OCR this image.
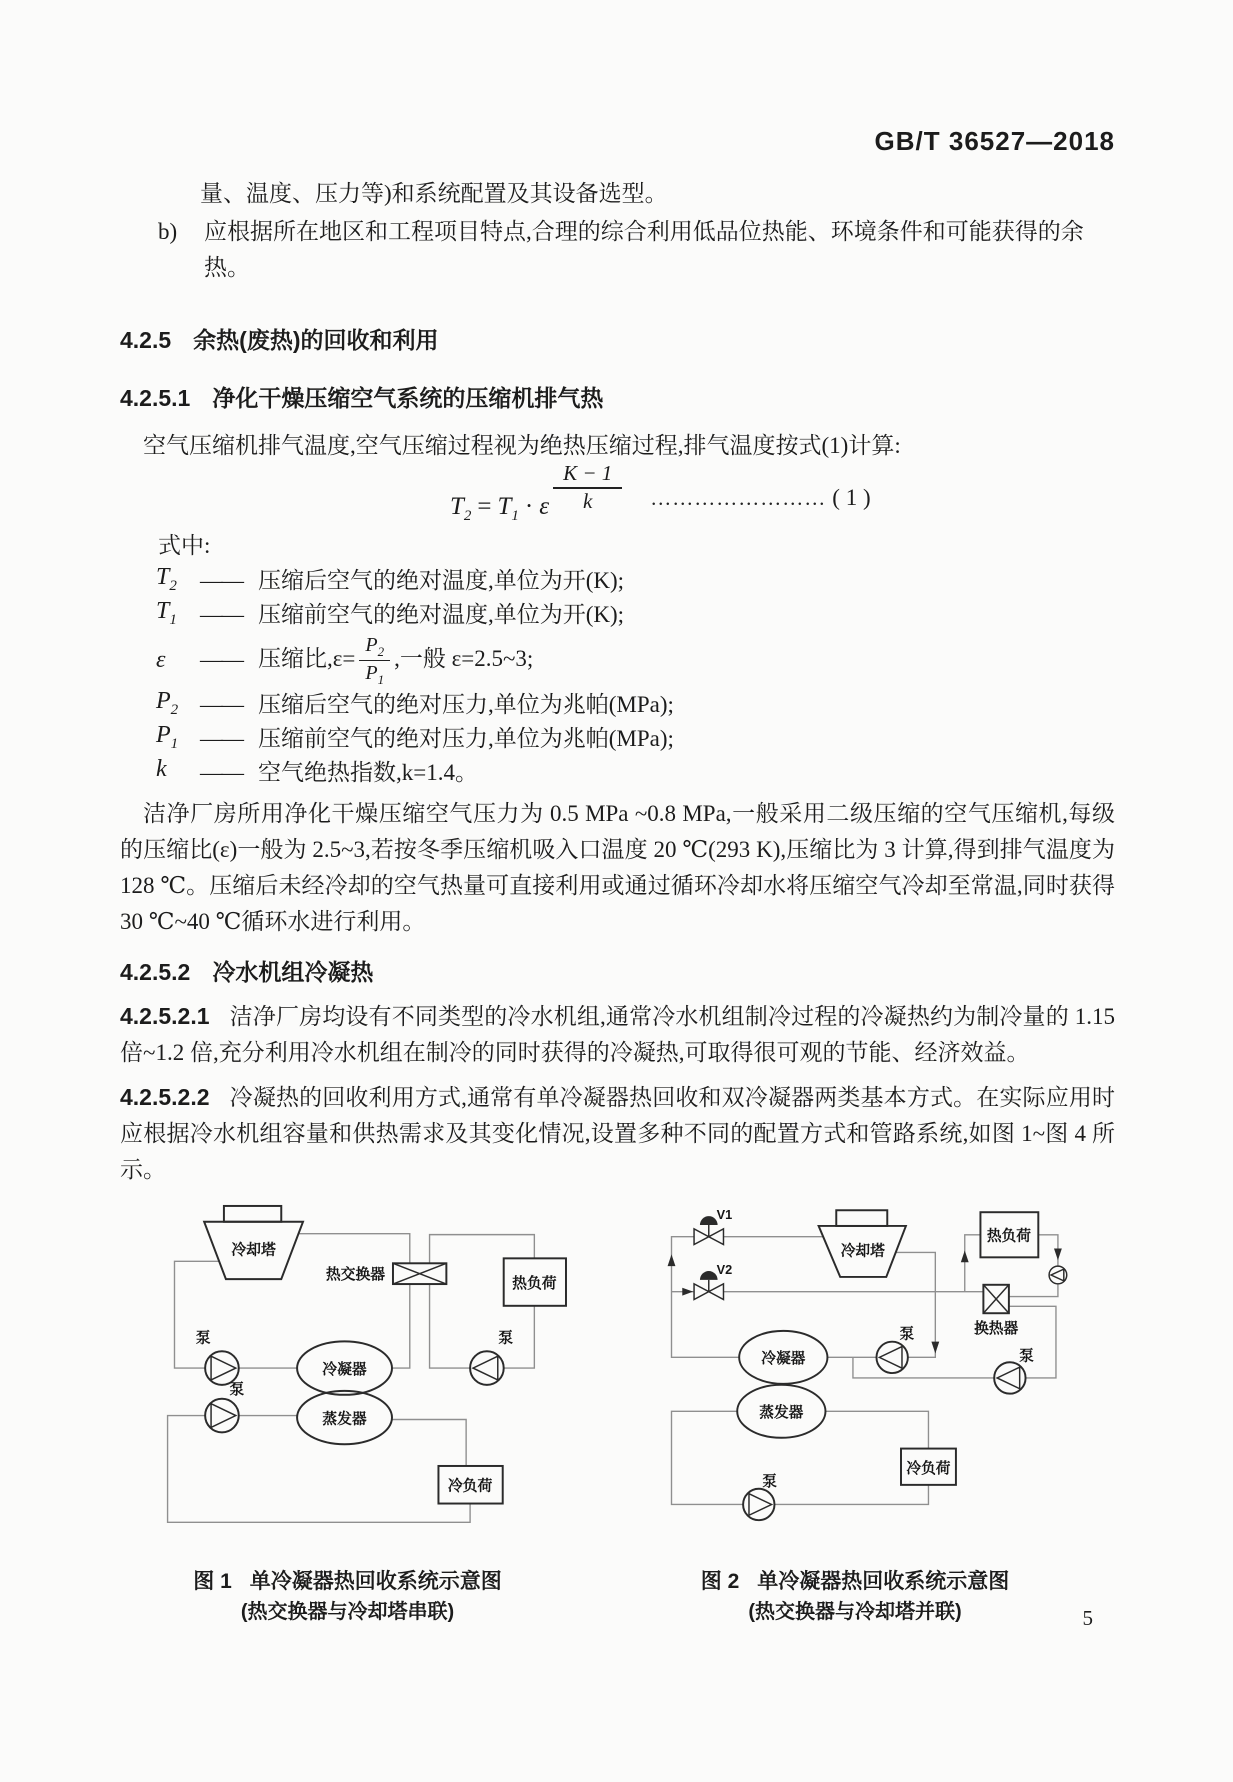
GB/T 36527—2018

量、温度、压力等)和系统配置及其设备选型。

b)	应根据所在地区和工程项目特点,合理的综合利用低品位热能、环境条件和可能获得的余热。
4.2.5 余热(废热)的回收和利用
4.2.5.1 净化干燥压缩空气系统的压缩机排气热

空气压缩机排气温度,空气压缩过程视为绝热压缩过程,排气温度按式(1)计算:

$T_2 = T_1 \cdot \varepsilon \frac{K - 1}{k}$ …………………… ( 1 )

式中:

$T_2$	—— 压缩后空气的绝对温度,单位为开(K);
$T_1$	—— 压缩前空气的绝对温度,单位为开(K);
ε	—— 压缩比$,\varepsilon= \frac{P_2}{P_1}$ ,一般 ε=2.5~3;
$P_2$ —— 压缩后空气的绝对压力,单位为兆帕(MPa);
$P_1$ —— 压缩前空气的绝对压力,单位为兆帕(MPa);
k	—— 空气绝热指数,k=1.4。

洁净厂房所用净化干燥压缩空气压力为 0.5 MPa ~0.8 MPa,一般采用二级压缩的空气压缩机,每级的压缩比(ε)一般为 2.5~3,若按冬季压缩机吸入口温度 20 ℃(293 K),压缩比为 3 计算,得到排气温度为 128 ℃。压缩后未经冷却的空气热量可直接利用或通过循环冷却水将压缩空气冷却至常温,同时获得 30 ℃~40 ℃循环水进行利用。

4.2.5.2 冷水机组冷凝热

4.2.5.2.1 洁净厂房均设有不同类型的冷水机组,通常冷水机组制冷过程的冷凝热约为制冷量的 1.15 倍~1.2 倍,充分利用冷水机组在制冷的同时获得的冷凝热,可取得很可观的节能、经济效益。

4.2.5.2.2 冷凝热的回收利用方式,通常有单冷凝器热回收和双冷凝器两类基本方式。在实际应用时应根据冷水机组容量和供热需求及其变化情况,设置多种不同的配置方式和管路系统,如图 1~图 4 所示。

冷却塔
热交换器
热负荷
泵
泵
泵
冷凝器
蒸发器
冷负荷
图 1 单冷凝器热回收系统示意图
(热交换器与冷却塔串联)
V1
V2
冷却塔
热负荷
换热器
泵
泵
泵
冷凝器
蒸发器
冷负荷
图 2 单冷凝器热回收系统示意图
(热交换器与冷却塔并联)	5
